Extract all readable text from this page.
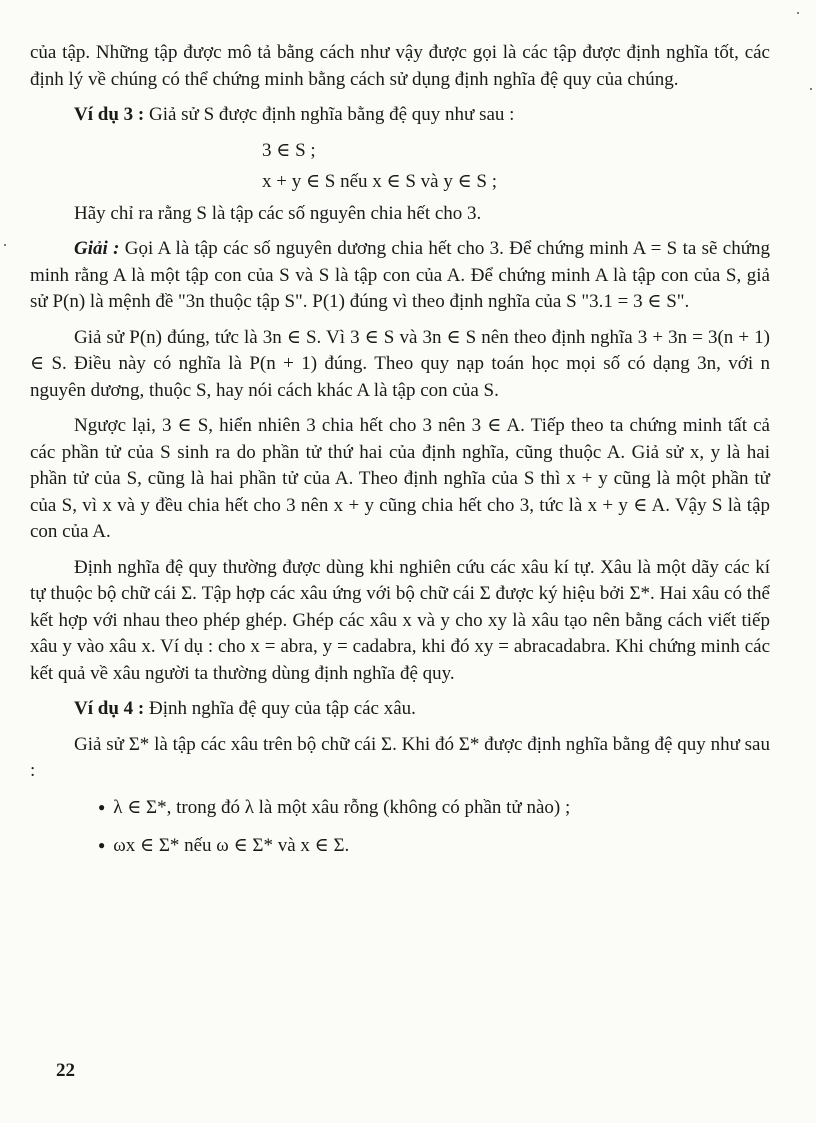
của tập. Những tập được mô tả bằng cách như vậy được gọi là các tập được định nghĩa tốt, các định lý về chúng có thể chứng minh bằng cách sử dụng định nghĩa đệ quy của chúng.

Ví dụ 3 : Giả sử S được định nghĩa bằng đệ quy như sau :

3 ∈ S ;

x + y ∈ S nếu x ∈ S và y ∈ S ;

Hãy chỉ ra rằng S là tập các số nguyên chia hết cho 3.

Giải : Gọi A là tập các số nguyên dương chia hết cho 3. Để chứng minh A = S ta sẽ chứng minh rằng A là một tập con của S và S là tập con của A. Để chứng minh A là tập con của S, giả sử P(n) là mệnh đề "3n thuộc tập S". P(1) đúng vì theo định nghĩa của S "3.1 = 3 ∈ S".

Giả sử P(n) đúng, tức là 3n ∈ S. Vì 3 ∈ S và 3n ∈ S nên theo định nghĩa 3 + 3n = 3(n + 1) ∈ S. Điều này có nghĩa là P(n + 1) đúng. Theo quy nạp toán học mọi số có dạng 3n, với n nguyên dương, thuộc S, hay nói cách khác A là tập con của S.

Ngược lại, 3 ∈ S, hiển nhiên 3 chia hết cho 3 nên 3 ∈ A. Tiếp theo ta chứng minh tất cả các phần tử của S sinh ra do phần tử thứ hai của định nghĩa, cũng thuộc A. Giả sử x, y là hai phần tử của S, cũng là hai phần tử của A. Theo định nghĩa của S thì x + y cũng là một phần tử của S, vì x và y đều chia hết cho 3 nên x + y cũng chia hết cho 3, tức là x + y ∈ A. Vậy S là tập con của A.

Định nghĩa đệ quy thường được dùng khi nghiên cứu các xâu kí tự. Xâu là một dãy các kí tự thuộc bộ chữ cái Σ. Tập hợp các xâu ứng với bộ chữ cái Σ được ký hiệu bởi Σ*. Hai xâu có thể kết hợp với nhau theo phép ghép. Ghép các xâu x và y cho xy là xâu tạo nên bằng cách viết tiếp xâu y vào xâu x. Ví dụ : cho x = abra, y = cadabra, khi đó xy = abracadabra. Khi chứng minh các kết quả về xâu người ta thường dùng định nghĩa đệ quy.

Ví dụ 4 : Định nghĩa đệ quy của tập các xâu.

Giả sử Σ* là tập các xâu trên bộ chữ cái Σ. Khi đó Σ* được định nghĩa bằng đệ quy như sau :

● λ ∈ Σ*, trong đó λ là một xâu rỗng (không có phần tử nào) ;

● ωx ∈ Σ* nếu ω ∈ Σ* và x ∈ Σ.

22
